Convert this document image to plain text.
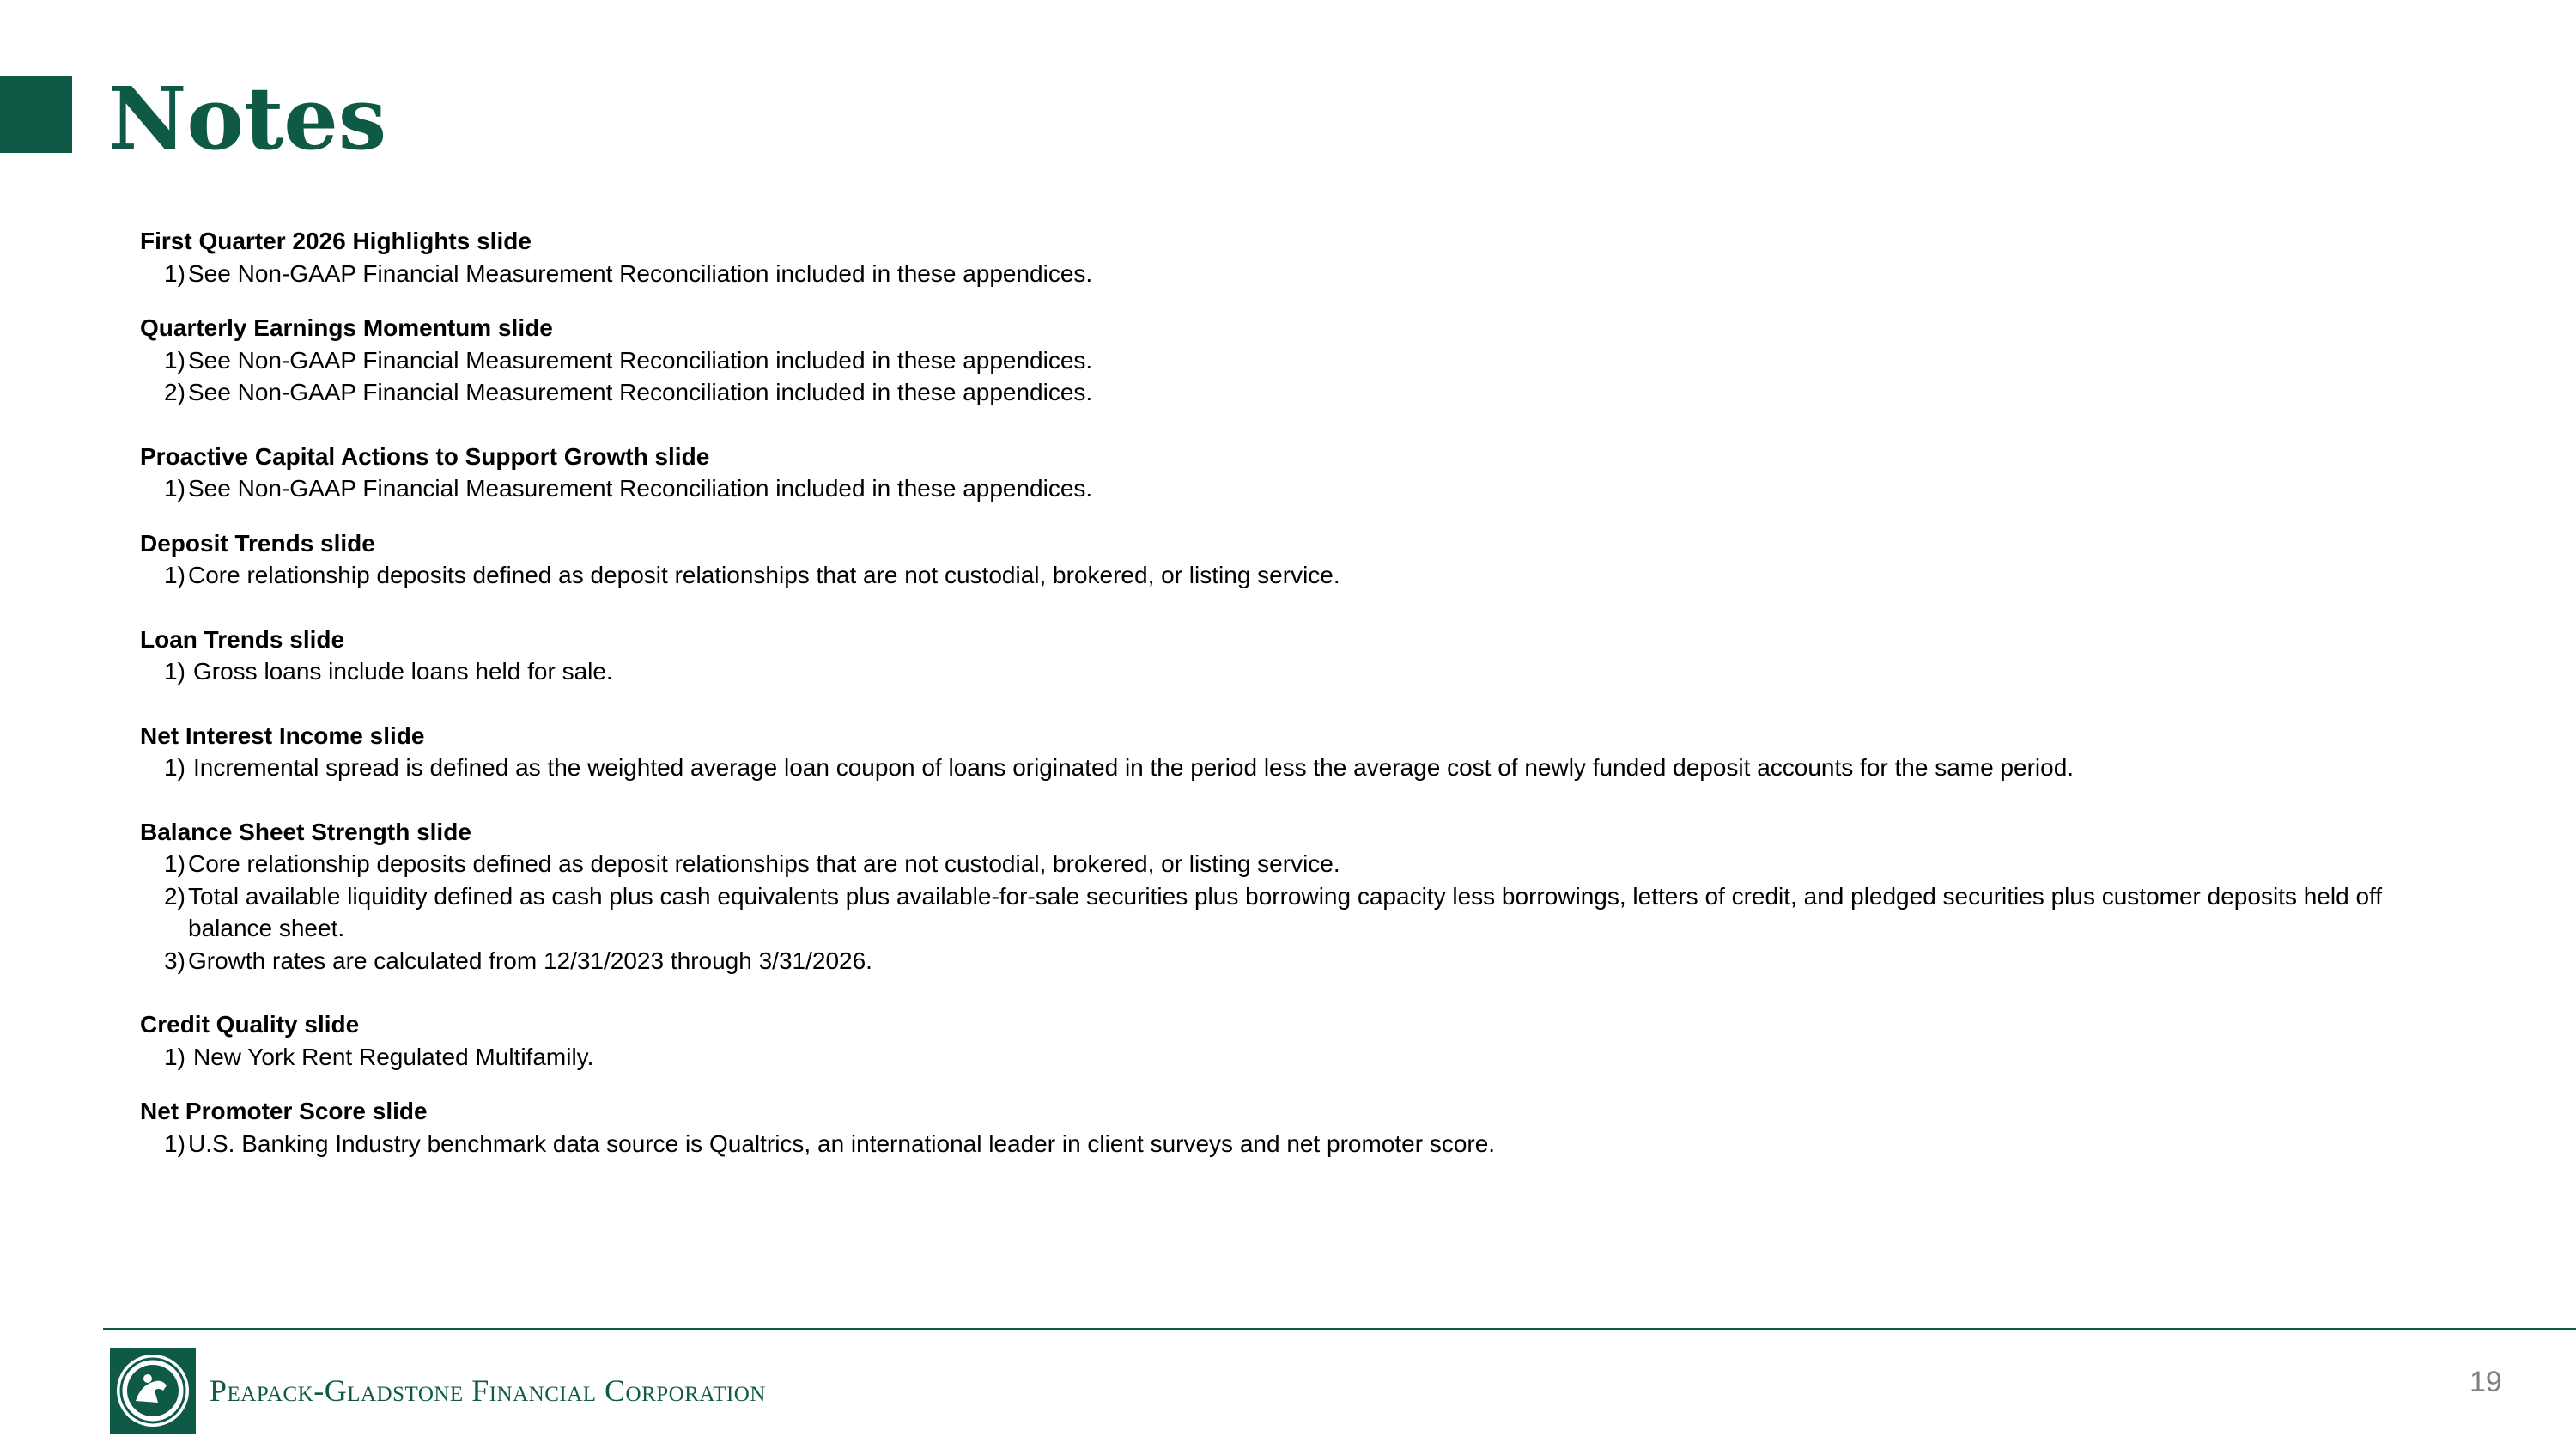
Notes
First Quarter 2026 Highlights slide
1) See Non-GAAP Financial Measurement Reconciliation included in these appendices.
Quarterly Earnings Momentum slide
1) See Non-GAAP Financial Measurement Reconciliation included in these appendices.
2) See Non-GAAP Financial Measurement Reconciliation included in these appendices.
Proactive Capital Actions to Support Growth slide
1) See Non-GAAP Financial Measurement Reconciliation included in these appendices.
Deposit Trends slide
1) Core relationship deposits defined as deposit relationships that are not custodial, brokered, or listing service.
Loan Trends slide
1) Gross loans include loans held for sale.
Net Interest Income slide
1) Incremental spread is defined as the weighted average loan coupon of loans originated in the period less the average cost of newly funded deposit accounts for the same period.
Balance Sheet Strength slide
1) Core relationship deposits defined as deposit relationships that are not custodial, brokered, or listing service.
2) Total available liquidity defined as cash plus cash equivalents plus available-for-sale securities plus borrowing capacity less borrowings, letters of credit, and pledged securities plus customer deposits held off balance sheet.
3) Growth rates are calculated from 12/31/2023 through 3/31/2026.
Credit Quality slide
1) New York Rent Regulated Multifamily.
Net Promoter Score slide
1) U.S. Banking Industry benchmark data source is Qualtrics, an international leader in client surveys and net promoter score.
Peapack-Gladstone Financial Corporation	19
